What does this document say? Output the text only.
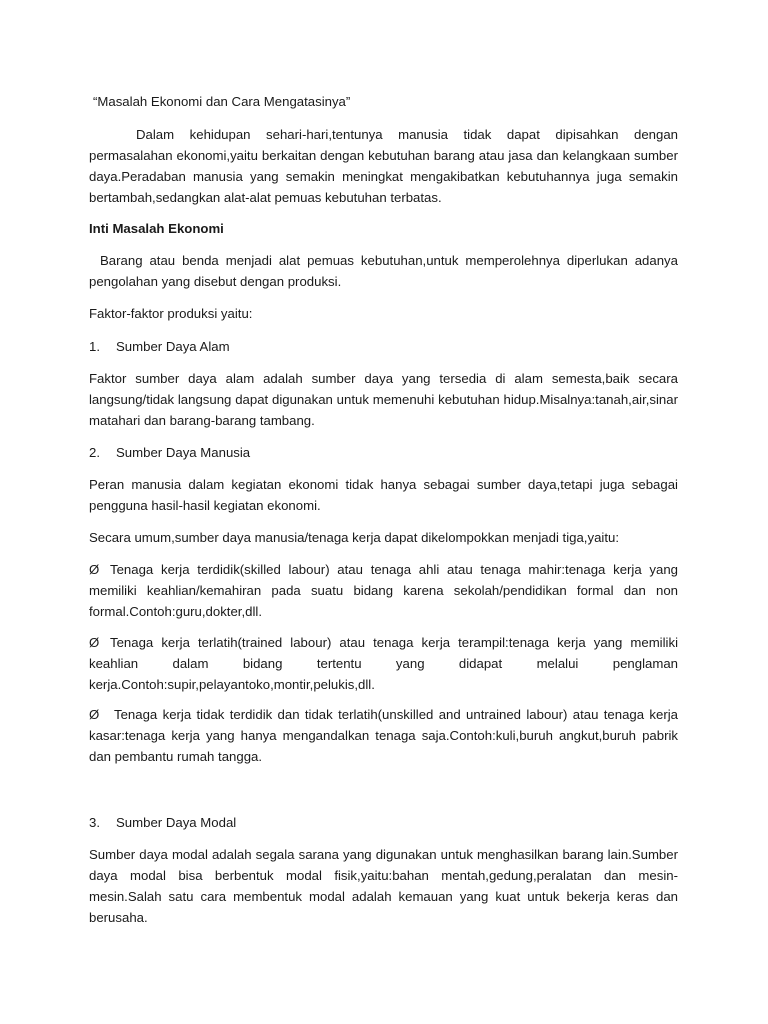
“Masalah Ekonomi dan Cara Mengatasinya”

Dalam kehidupan sehari-hari,tentunya manusia tidak dapat dipisahkan dengan permasalahan ekonomi,yaitu berkaitan dengan kebutuhan barang atau jasa dan kelangkaan sumber daya.Peradaban manusia yang semakin meningkat mengakibatkan kebutuhannya juga semakin bertambah,sedangkan alat-alat pemuas kebutuhan terbatas.

Inti Masalah Ekonomi

Barang atau benda menjadi alat pemuas kebutuhan,untuk memperolehnya diperlukan adanya pengolahan yang disebut dengan produksi.

Faktor-faktor produksi yaitu:

1. Sumber Daya Alam

Faktor sumber daya alam adalah sumber daya yang tersedia di alam semesta,baik secara langsung/tidak langsung dapat digunakan untuk memenuhi kebutuhan hidup.Misalnya:tanah,air,sinar matahari dan barang-barang tambang.

2. Sumber Daya Manusia

Peran manusia dalam kegiatan ekonomi tidak hanya sebagai sumber daya,tetapi juga sebagai pengguna hasil-hasil kegiatan ekonomi.

Secara umum,sumber daya manusia/tenaga kerja dapat dikelompokkan menjadi tiga,yaitu:

Ø Tenaga kerja terdidik(skilled labour) atau tenaga ahli atau tenaga mahir:tenaga kerja yang memiliki keahlian/kemahiran pada suatu bidang karena sekolah/pendidikan formal dan non formal.Contoh:guru,dokter,dll.

Ø Tenaga kerja terlatih(trained labour) atau tenaga kerja terampil:tenaga kerja yang memiliki keahlian dalam bidang tertentu yang didapat melalui penglaman kerja.Contoh:supir,pelayantoko,montir,pelukis,dll.

Ø Tenaga kerja tidak terdidik dan tidak terlatih(unskilled and untrained labour) atau tenaga kerja kasar:tenaga kerja yang hanya mengandalkan tenaga saja.Contoh:kuli,buruh angkut,buruh pabrik dan pembantu rumah tangga.

3. Sumber Daya Modal

Sumber daya modal adalah segala sarana yang digunakan untuk menghasilkan barang lain.Sumber daya modal bisa berbentuk modal fisik,yaitu:bahan mentah,gedung,peralatan dan mesin-mesin.Salah satu cara membentuk modal adalah kemauan yang kuat untuk bekerja keras dan berusaha.
